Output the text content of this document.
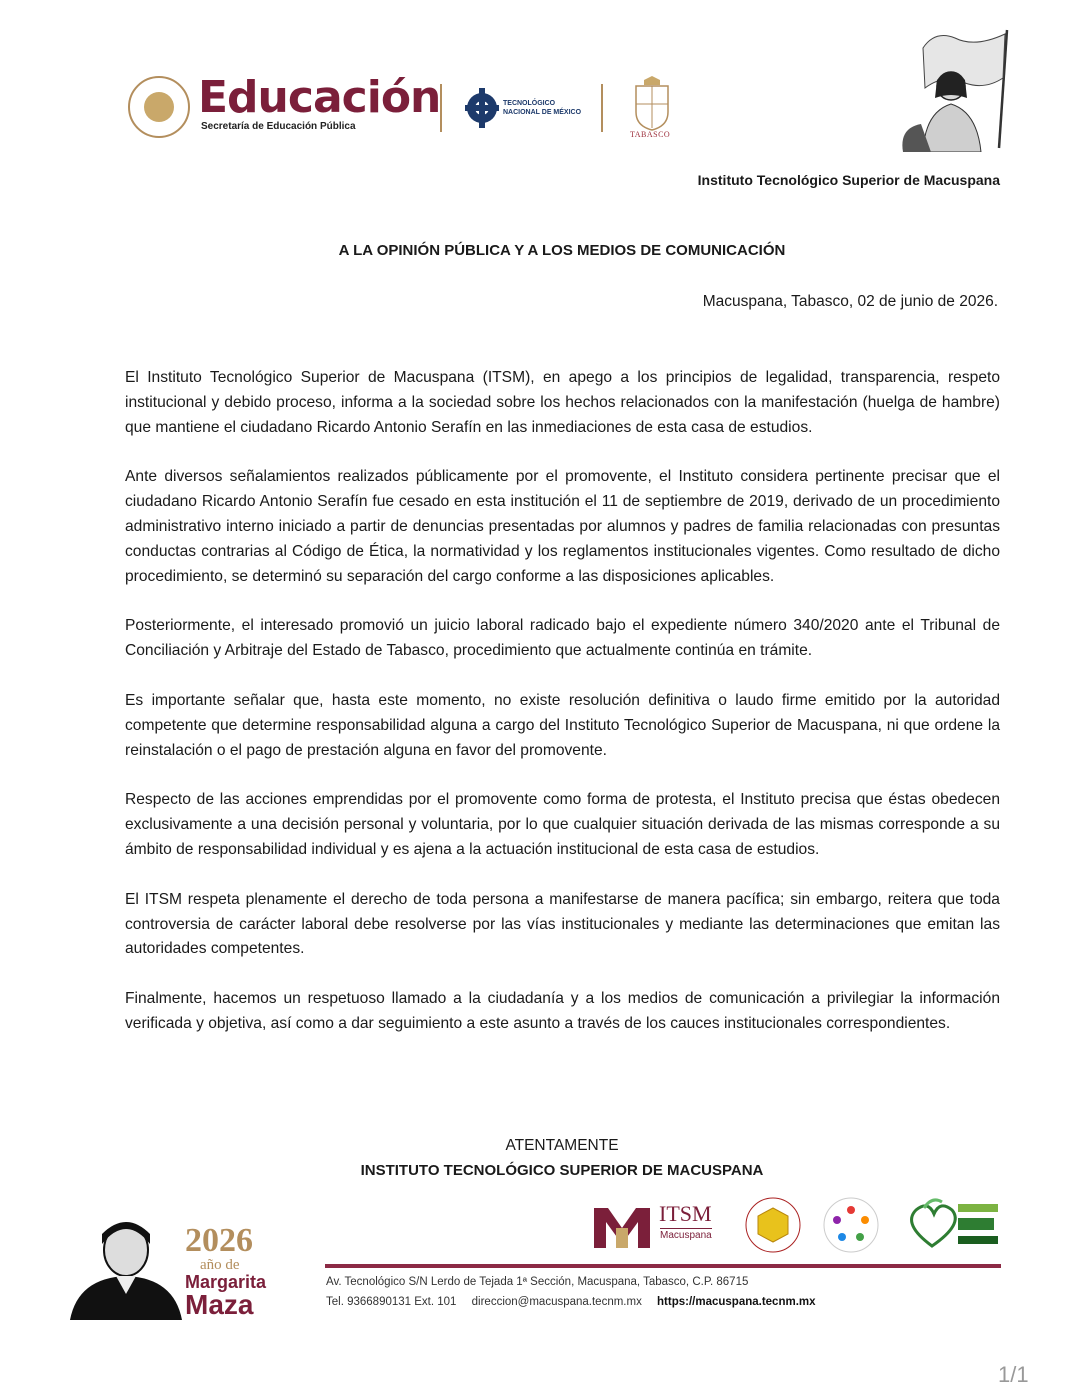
Educación
Secretaría de Educación Pública
TECNOLÓGICO
NACIONAL DE MÉXICO
TABASCO
Instituto Tecnológico Superior de Macuspana
A LA OPINIÓN PÚBLICA Y A LOS MEDIOS DE COMUNICACIÓN
Macuspana, Tabasco, 02 de junio de 2026.

El Instituto Tecnológico Superior de Macuspana (ITSM), en apego a los principios de legalidad, transparencia, respeto institucional y debido proceso, informa a la sociedad sobre los hechos relacionados con la manifestación (huelga de hambre) que mantiene el ciudadano Ricardo Antonio Serafín en las inmediaciones de esta casa de estudios.

Ante diversos señalamientos realizados públicamente por el promovente, el Instituto considera pertinente precisar que el ciudadano Ricardo Antonio Serafín fue cesado en esta institución el 11 de septiembre de 2019, derivado de un procedimiento administrativo interno iniciado a partir de denuncias presentadas por alumnos y padres de familia relacionadas con presuntas conductas contrarias al Código de Ética, la normatividad y los reglamentos institucionales vigentes. Como resultado de dicho procedimiento, se determinó su separación del cargo conforme a las disposiciones aplicables.

Posteriormente, el interesado promovió un juicio laboral radicado bajo el expediente número 340/2020 ante el Tribunal de Conciliación y Arbitraje del Estado de Tabasco, procedimiento que actualmente continúa en trámite.

Es importante señalar que, hasta este momento, no existe resolución definitiva o laudo firme emitido por la autoridad competente que determine responsabilidad alguna a cargo del Instituto Tecnológico Superior de Macuspana, ni que ordene la reinstalación o el pago de prestación alguna en favor del promovente.

Respecto de las acciones emprendidas por el promovente como forma de protesta, el Instituto precisa que éstas obedecen exclusivamente a una decisión personal y voluntaria, por lo que cualquier situación derivada de las mismas corresponde a su ámbito de responsabilidad individual y es ajena a la actuación institucional de esta casa de estudios.

El ITSM respeta plenamente el derecho de toda persona a manifestarse de manera pacífica; sin embargo, reitera que toda controversia de carácter laboral debe resolverse por las vías institucionales y mediante las determinaciones que emitan las autoridades competentes.

Finalmente, hacemos un respetuoso llamado a la ciudadanía y a los medios de comunicación a privilegiar la información verificada y objetiva, así como a dar seguimiento a este asunto a través de los cauces institucionales correspondientes.

ATENTAMENTE
INSTITUTO TECNOLÓGICO SUPERIOR DE MACUSPANA
2026
año de
Margarita
Maza
ITSM
Macuspana
Av. Tecnológico S/N Lerdo de Tejada 1ª Sección, Macuspana, Tabasco, C.P. 86715
Tel. 9366890131 Ext. 101 direccion@macuspana.tecnm.mx https://macuspana.tecnm.mx
1/1
